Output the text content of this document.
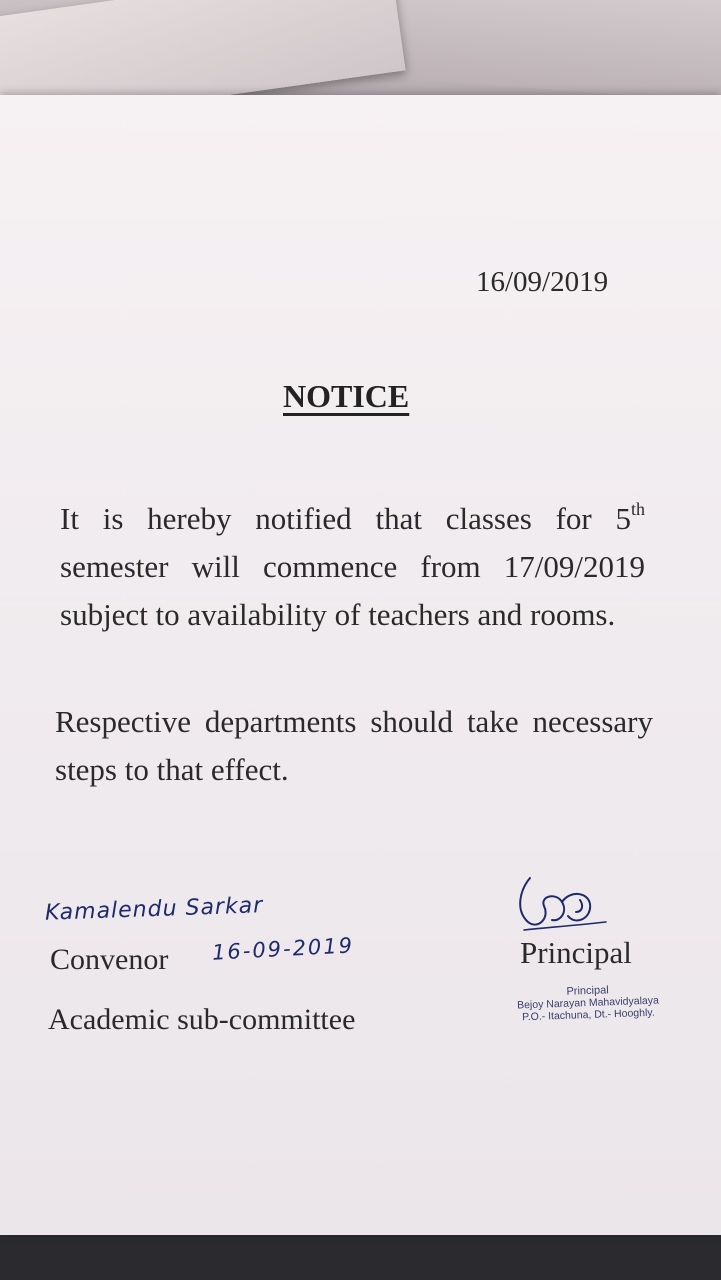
16/09/2019
NOTICE
It is hereby notified that classes for 5th semester will commence from 17/09/2019 subject to availability of teachers and rooms.
Respective departments should take necessary steps to that effect.
Kamalendu Sarkar
Convenor 16-09-2019
Academic sub-committee
Principal
Principal
Bejoy Narayan Mahavidyalaya
P.O.- Itachuna, Dt.- Hooghly.
